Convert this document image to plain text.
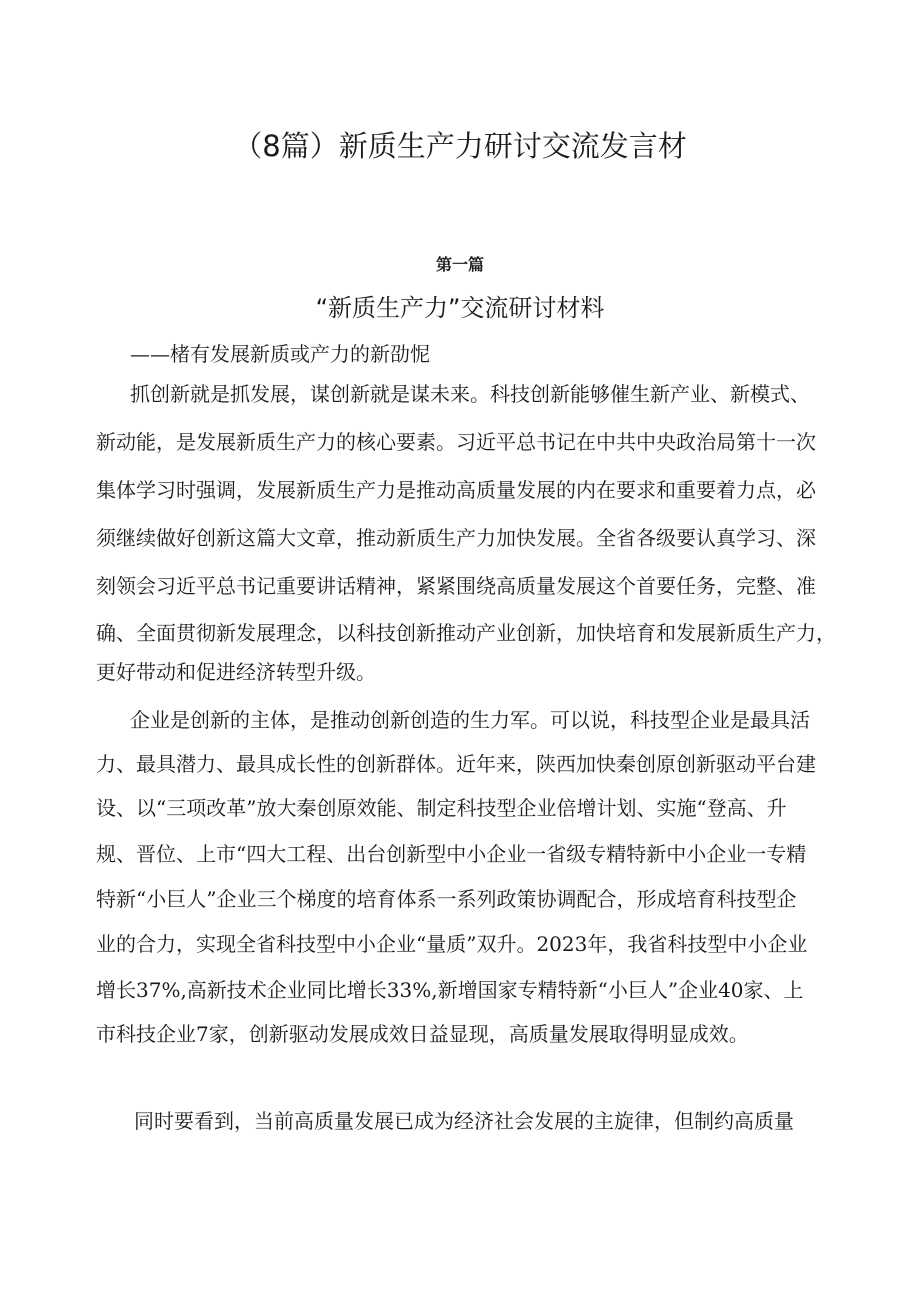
（8篇）新质生产力研讨交流发言材
第一篇
“新质生产力”交流研讨材料
——楮有发展新质或产力的新劭怩
抓创新就是抓发展，谋创新就是谋未来。科技创新能够催生新产业、新模式、
新动能，是发展新质生产力的核心要素。习近平总书记在中共中央政治局第十一次
集体学习时强调，发展新质生产力是推动高质量发展的内在要求和重要着力点，必
须继续做好创新这篇大文章，推动新质生产力加快发展。全省各级要认真学习、深
刻领会习近平总书记重要讲话精神，紧紧围绕高质量发展这个首要任务，完整、准
确、全面贯彻新发展理念，以科技创新推动产业创新，加快培育和发展新质生产力，
更好带动和促进经济转型升级。
企业是创新的主体，是推动创新创造的生力军。可以说，科技型企业是最具活
力、最具潜力、最具成长性的创新群体。近年来，陕西加快秦创原创新驱动平台建
设、以“三项改革”放大秦创原效能、制定科技型企业倍增计划、实施“登高、升
规、晋位、上市“四大工程、出台创新型中小企业一省级专精特新中小企业一专精
特新“小巨人”企业三个梯度的培育体系一系列政策协调配合，形成培育科技型企
业的合力，实现全省科技型中小企业“量质”双升。2023年，我省科技型中小企业
增长37%,高新技术企业同比增长33%,新增国家专精特新“小巨人”企业40家、上
市科技企业7家，创新驱动发展成效日益显现，高质量发展取得明显成效。
同时要看到，当前高质量发展已成为经济社会发展的主旋律，但制约高质量
